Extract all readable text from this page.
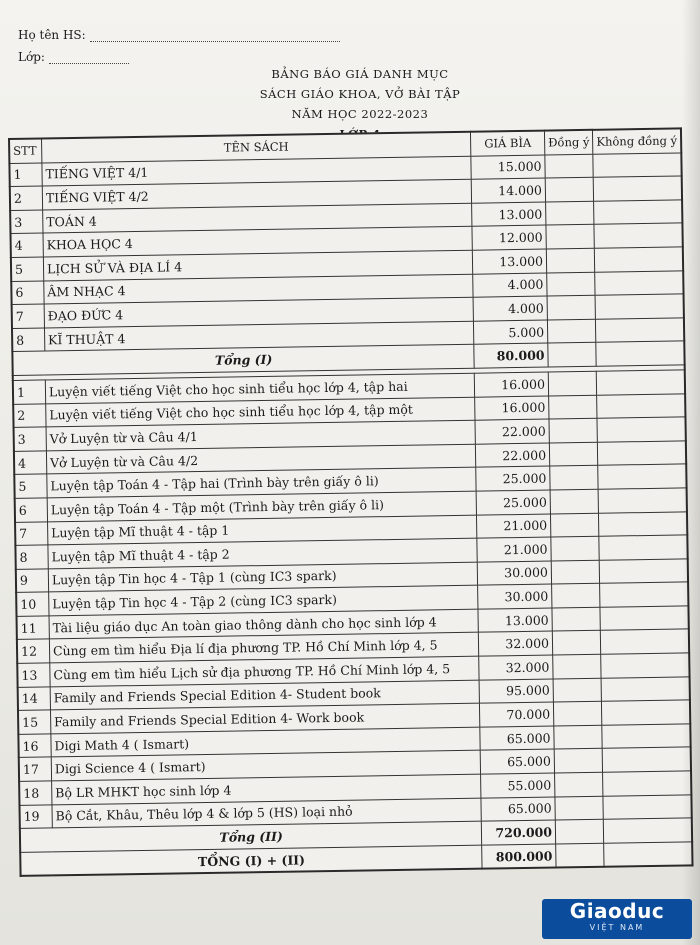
Họ tên HS:
Lớp:
BẢNG BÁO GIÁ DANH MỤC
SÁCH GIÁO KHOA, VỞ BÀI TẬP
NĂM HỌC 2022-2023
STT	TÊN SÁCH	GIÁ BÌA	Đồng ý	Không đồng ý
1	TIẾNG VIỆT 4/1	15.000		
2	TIẾNG VIỆT 4/2	14.000		
3	TOÁN 4	13.000		
4	KHOA HỌC 4	12.000		
5	LỊCH SỬ VÀ ĐỊA LÍ 4	13.000		
6	ÂM NHẠC 4	4.000		
7	ĐẠO ĐỨC 4	4.000		
8	KĨ THUẬT 4	5.000		
Tổng (I)		80.000		

1	Luyện viết tiếng Việt cho học sinh tiểu học lớp 4, tập hai	16.000		
2	Luyện viết tiếng Việt cho học sinh tiểu học lớp 4, tập một	16.000		
3	Vở Luyện từ và Câu 4/1	22.000		
4	Vở Luyện từ và Câu 4/2	22.000		
5	Luyện tập Toán 4 - Tập hai (Trình bày trên giấy ô li)	25.000		
6	Luyện tập Toán 4 - Tập một (Trình bày trên giấy ô li)	25.000		
7	Luyện tập Mĩ thuật 4 - tập 1	21.000		
8	Luyện tập Mĩ thuật 4 - tập 2	21.000		
9	Luyện tập Tin học 4 - Tập 1 (cùng IC3 spark)	30.000		
10	Luyện tập Tin học 4 - Tập 2 (cùng IC3 spark)	30.000		
11	Tài liệu giáo dục An toàn giao thông dành cho học sinh lớp 4	13.000		
12	Cùng em tìm hiểu Địa lí địa phương TP. Hồ Chí Minh lớp 4, 5	32.000		
13	Cùng em tìm hiểu Lịch sử địa phương TP. Hồ Chí Minh lớp 4, 5	32.000		
14	Family and Friends Special Edition 4- Student book	95.000		
15	Family and Friends Special Edition 4- Work book	70.000		
16	Digi Math 4 ( Ismart)	65.000		
17	Digi Science 4 ( Ismart)	65.000		
18	Bộ LR MHKT học sinh lớp 4	55.000		
19	Bộ Cắt, Khâu, Thêu lớp 4 & lớp 5 (HS) loại nhỏ	65.000		
Tổng (II)		720.000		
TỔNG (I) + (II)		800.000		
Giaoduc
VIỆT NAM
